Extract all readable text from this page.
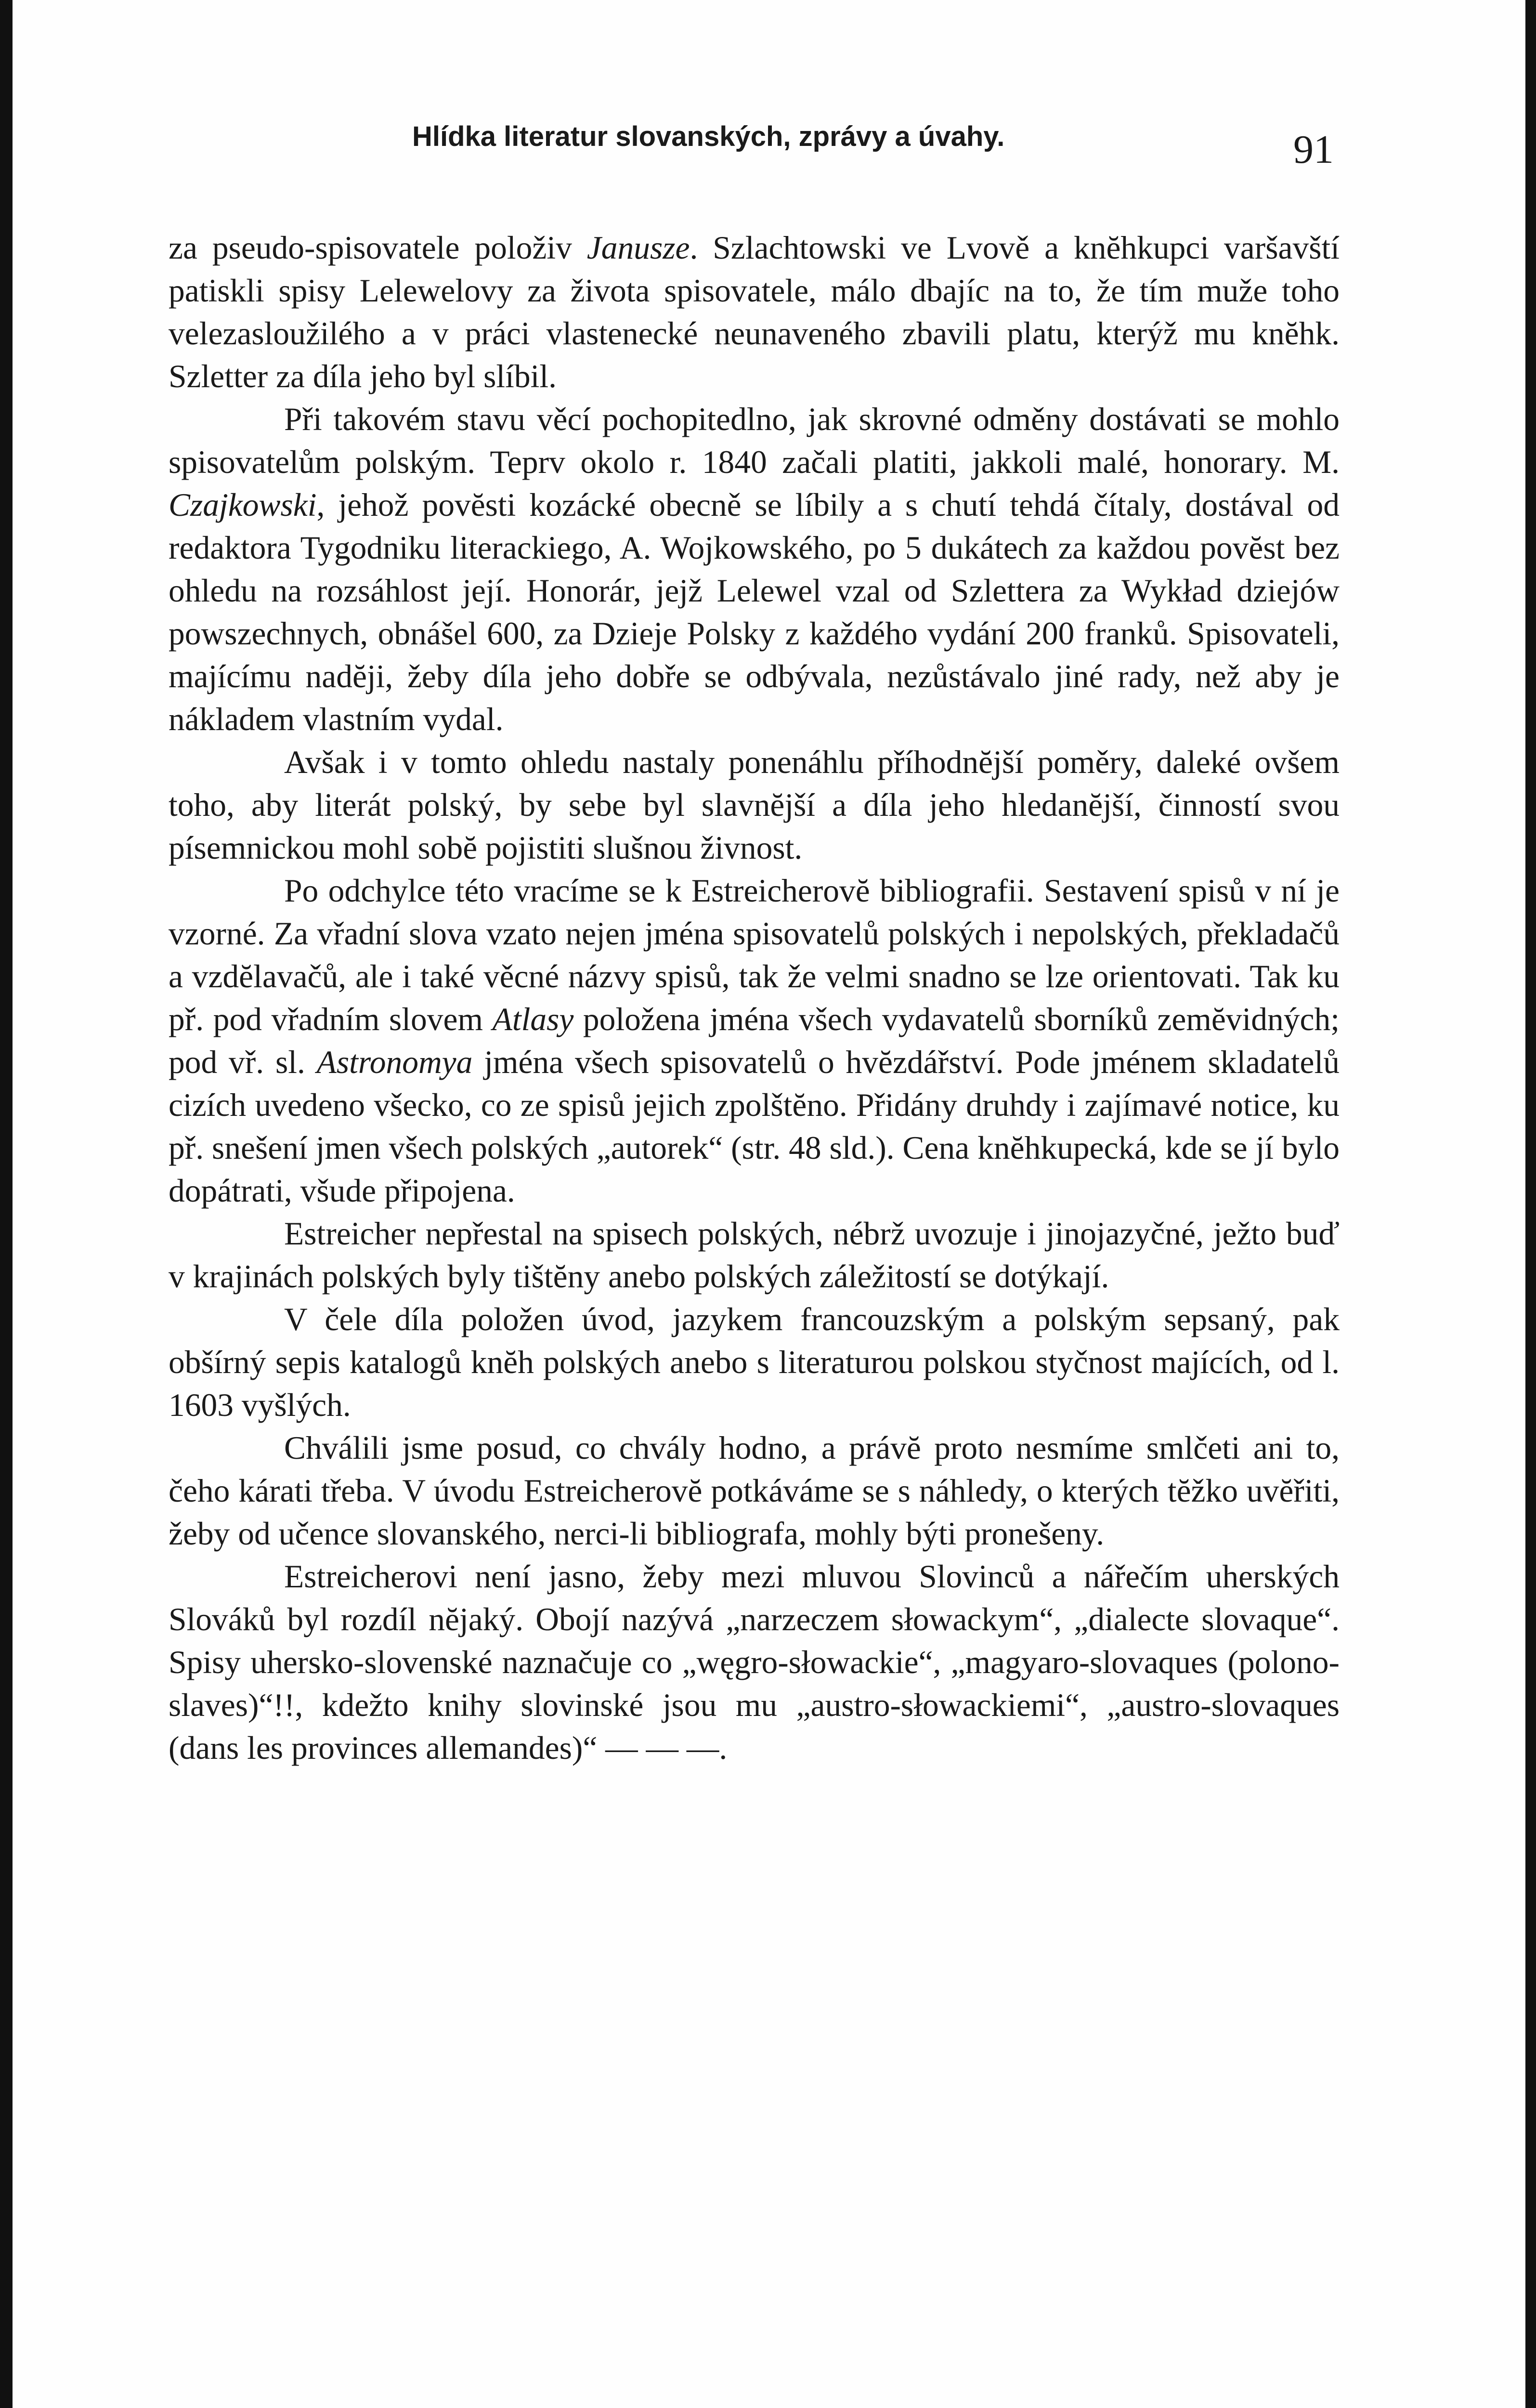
Hlídka literatur slovanských, zprávy a úvahy.	91

za pseudo-spisovatele položiv Janusze. Szlachtowski ve Lvově a knĕhkupci varšavští patiskli spisy Lelewelovy za života spisovatele, málo dbajíc na to, že tím muže toho velezasloužilého a v práci vlastenecké neunaveného zbavili platu, kterýž mu knĕhk. Szletter za díla jeho byl slíbil.

Při takovém stavu věcí pochopitedlno, jak skrovné odměny dostávati se mohlo spisovatelům polským. Teprv okolo r. 1840 začali platiti, jakkoli malé, honorary. M. Czajkowski, jehož povĕsti kozácké obecně se líbily a s chutí tehdá čítaly, dostával od redaktora Tygodniku literackiego, A. Wojkowského, po 5 dukátech za každou povĕst bez ohledu na rozsáhlost její. Honorár, jejž Lelewel vzal od Szlettera za Wykład dziejów powszechnych, obnášel 600, za Dzieje Polsky z každého vydání 200 franků. Spisovateli, majícímu nadĕji, žeby díla jeho dobře se odbývala, nezůstávalo jiné rady, než aby je nákladem vlastním vydal.

Avšak i v tomto ohledu nastaly ponenáhlu příhodnĕjší poměry, daleké ovšem toho, aby literát polský, by sebe byl slavnĕjší a díla jeho hledanĕjší, činností svou písemnickou mohl sobĕ pojistiti slušnou živnost.

Po odchylce této vracíme se k Estreicherovĕ bibliografii. Sestavení spisů v ní je vzorné. Za vřadní slova vzato nejen jména spisovatelů polských i nepolských, překladačů a vzdĕlavačů, ale i také věcné názvy spisů, tak že velmi snadno se lze orientovati. Tak ku př. pod vřadním slovem Atlasy položena jména všech vydavatelů sborníků zemĕvidných; pod vř. sl. Astronomya jména všech spisovatelů o hvĕzdářství. Pode jménem skladatelů cizích uvedeno všecko, co ze spisů jejich zpolštĕno. Přidány druhdy i zajímavé notice, ku př. snešení jmen všech polských „autorek“ (str. 48 sld.). Cena knĕhkupecká, kde se jí bylo dopátrati, všude připojena.

Estreicher nepřestal na spisech polských, nébrž uvozuje i jinojazyčné, ježto buď v krajinách polských byly tištĕny anebo polských záležitostí se dotýkají.

V čele díla položen úvod, jazykem francouzským a polským sepsaný, pak obšírný sepis katalogů knĕh polských anebo s literaturou polskou styčnost majících, od l. 1603 vyšlých.

Chválili jsme posud, co chvály hodno, a právĕ proto nesmíme smlčeti ani to, čeho kárati třeba. V úvodu Estreicherovĕ potkáváme se s náhledy, o kterých tĕžko uvĕřiti, žeby od učence slovanského, nerci-li bibliografa, mohly býti pronešeny.

Estreicherovi není jasno, žeby mezi mluvou Slovinců a nářečím uherských Slováků byl rozdíl nĕjaký. Obojí nazývá „narzeczem słowackym“, „dialecte slovaque“. Spisy uhersko-slovenské naznačuje co „węgro-słowackie“, „magyaro-slovaques (polono-slaves)“!!, kdežto knihy slovinské jsou mu „austro-słowackiemi“, „austro-slovaques (dans les provinces allemandes)“ — — —.
